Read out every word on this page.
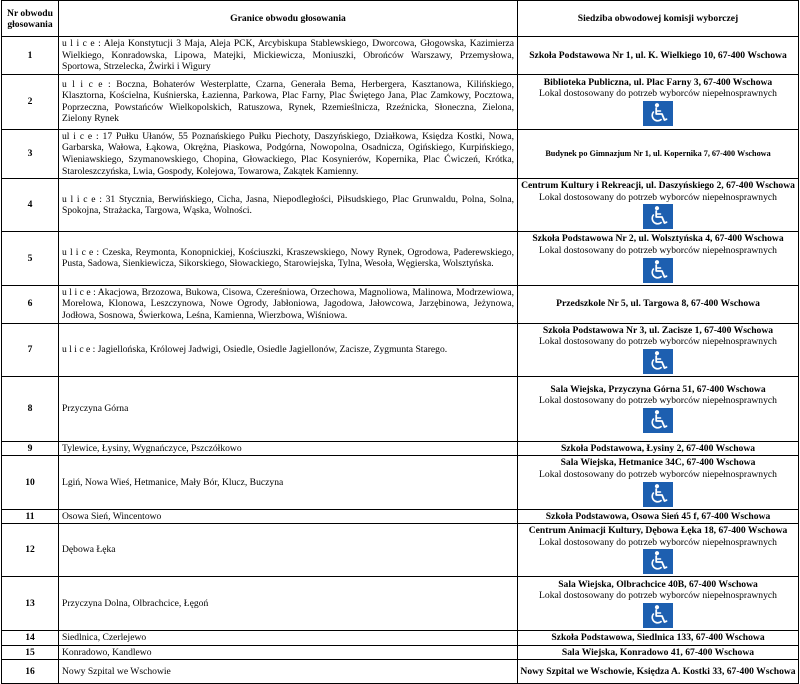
Nr obwodu głosowania	Granice obwodu głosowania	Siedziba obwodowej komisji wyborczej
1	u l i c e : Aleja Konstytucji 3 Maja, Aleja PCK, Arcybiskupa Stablewskiego, Dworcowa, Głogowska, Kazimierza Wielkiego, Konradowska, Lipowa, Matejki, Mickiewicza, Moniuszki, Obrońców Warszawy, Przemysłowa, Sportowa, Strzelecka, Żwirki i Wigury	Szkoła Podstawowa Nr 1, ul. K. Wielkiego 10, 67-400 Wschowa

2	u l i c e : Boczna, Bohaterów Westerplatte, Czarna, Generała Bema, Herbergera, Kasztanowa, Kilińskiego, Klasztorna, Kościelna, Kuśnierska, Łazienna, Parkowa, Plac Farny, Plac Świętego Jana, Plac Zamkowy, Pocztowa, Poprzeczna, Powstańców Wielkopolskich, Ratuszowa, Rynek, Rzemieślnicza, Rzeźnicka, Słoneczna, Zielona, Zielony Rynek	Biblioteka Publiczna, ul. Plac Farny 3, 67-400 Wschowa
Lokal dostosowany do potrzeb wyborców niepełnosprawnych

3	ul i c e : 17 Pułku Ułanów, 55 Poznańskiego Pułku Piechoty, Daszyńskiego, Działkowa, Księdza Kostki, Nowa, Garbarska, Wałowa, Łąkowa, Okrężna, Piaskowa, Podgórna, Nowopolna, Osadnicza, Ogińskiego, Kurpińskiego, Wieniawskiego, Szymanowskiego, Chopina, Głowackiego, Plac Kosynierów, Kopernika, Plac Ćwiczeń, Krótka, Staroleszczyńska, Lwia, Gospody, Kolejowa, Towarowa, Zakątek Kamienny.	Budynek po Gimnazjum Nr 1, ul. Kopernika 7, 67-400 Wschowa

4	u l i c e : 31 Stycznia, Berwińskiego, Cicha, Jasna, Niepodległości, Piłsudskiego, Plac Grunwaldu, Polna, Solna, Spokojna, Strażacka, Targowa, Wąska, Wolności.	Centrum Kultury i Rekreacji, ul. Daszyńskiego 2, 67-400 Wschowa
Lokal dostosowany do potrzeb wyborców niepełnosprawnych

5	u l i c e : Czeska, Reymonta, Konopnickiej, Kościuszki, Kraszewskiego, Nowy Rynek, Ogrodowa, Paderewskiego, Pusta, Sadowa, Sienkiewicza, Sikorskiego, Słowackiego, Starowiejska, Tylna, Wesoła, Węgierska, Wolsztyńska.	Szkoła Podstawowa Nr 2, ul. Wolsztyńska 4, 67-400 Wschowa
Lokal dostosowany do potrzeb wyborców niepełnosprawnych

6	u l i c e : Akacjowa, Brzozowa, Bukowa, Cisowa, Czereśniowa, Orzechowa, Magnoliowa, Malinowa, Modrzewiowa, Morelowa, Klonowa, Leszczynowa, Nowe Ogrody, Jabłoniowa, Jagodowa, Jałowcowa, Jarzębinowa, Jeżynowa, Jodłowa, Sosnowa, Świerkowa, Leśna, Kamienna, Wierzbowa, Wiśniowa.	Przedszkole Nr 5, ul. Targowa 8, 67-400 Wschowa

7	u l i c e : Jagiellońska, Królowej Jadwigi, Osiedle, Osiedle Jagiellonów, Zacisze, Zygmunta Starego.	Szkoła Podstawowa Nr 3, ul. Zacisze 1, 67-400 Wschowa
Lokal dostosowany do potrzeb wyborców niepełnosprawnych

8	Przyczyna Górna	Sala Wiejska, Przyczyna Górna 51, 67-400 Wschowa
Lokal dostosowany do potrzeb wyborców niepełnosprawnych

9	Tylewice, Łysiny, Wygnańczyce, Pszczółkowo	Szkoła Podstawowa, Łysiny 2, 67-400 Wschowa

10	Lgiń, Nowa Wieś, Hetmanice, Mały Bór, Klucz, Buczyna	Sala Wiejska, Hetmanice 34C, 67-400 Wschowa
Lokal dostosowany do potrzeb wyborców niepełnosprawnych

11	Osowa Sień, Wincentowo	Szkoła Podstawowa, Osowa Sień 45 f, 67-400 Wschowa

12	Dębowa Łęka	Centrum Animacji Kultury, Dębowa Łęka 18, 67-400 Wschowa
Lokal dostosowany do potrzeb wyborców niepełnosprawnych

13	Przyczyna Dolna, Olbrachcice, Łęgoń	Sala Wiejska, Olbrachcice 40B, 67-400 Wschowa
Lokal dostosowany do potrzeb wyborców niepełnosprawnych

14	Siedlnica, Czerlejewo	Szkoła Podstawowa, Siedlnica 133, 67-400 Wschowa

15	Konradowo, Kandlewo	Sala Wiejska, Konradowo 41, 67-400 Wschowa

16	Nowy Szpital we Wschowie	Nowy Szpital we Wschowie, Księdza A. Kostki 33, 67-400 Wschowa
